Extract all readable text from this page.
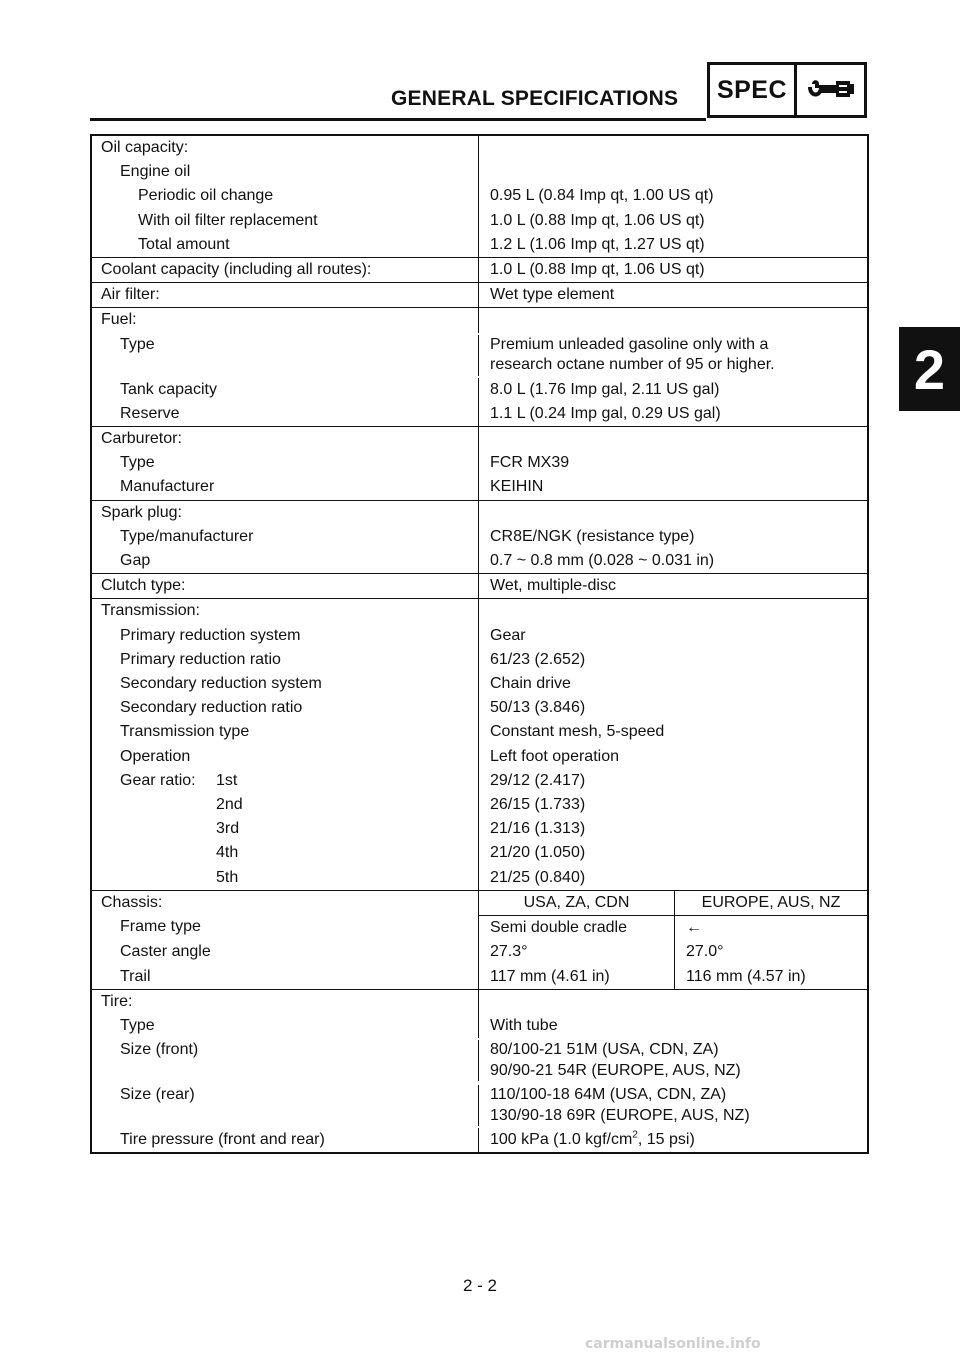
GENERAL SPECIFICATIONS SPEC
2
Oil capacity:
Engine oil
Periodic oil change	0.95 L (0.84 Imp qt, 1.00 US qt)
With oil filter replacement	1.0 L (0.88 Imp qt, 1.06 US qt)
Total amount	1.2 L (1.06 Imp qt, 1.27 US qt)
Coolant capacity (including all routes):	1.0 L (0.88 Imp qt, 1.06 US qt)
Air filter:	Wet type element
Fuel:
Type	Premium unleaded gasoline only with a
research octane number of 95 or higher.
Tank capacity	8.0 L (1.76 Imp gal, 2.11 US gal)
Reserve	1.1 L (0.24 Imp gal, 0.29 US gal)
Carburetor:
Type	FCR MX39
Manufacturer	KEIHIN
Spark plug:
Type/manufacturer	CR8E/NGK (resistance type)
Gap	0.7 ~ 0.8 mm (0.028 ~ 0.031 in)
Clutch type:	Wet, multiple-disc
Transmission:
Primary reduction system	Gear
Primary reduction ratio	61/23 (2.652)
Secondary reduction system	Chain drive
Secondary reduction ratio	50/13 (3.846)
Transmission type	Constant mesh, 5-speed
Operation	Left foot operation
Gear ratio: 1st	29/12 (2.417)
2nd	26/15 (1.733)
3rd	21/16 (1.313)
4th	21/20 (1.050)
5th	21/25 (0.840)
Chassis:	USA, ZA, CDN	EUROPE, AUS, NZ
Frame type	Semi double cradle	←
Caster angle	27.3°	27.0°
Trail	117 mm (4.61 in)	116 mm (4.57 in)
Tire:
Type	With tube
Size (front)	80/100-21 51M (USA, CDN, ZA)
90/90-21 54R (EUROPE, AUS, NZ)
Size (rear)	110/100-18 64M (USA, CDN, ZA)
130/90-18 69R (EUROPE, AUS, NZ)
Tire pressure (front and rear)	100 kPa (1.0 kgf/$cm^2$, 15 psi)
2 - 2
carmanualsonline.info
